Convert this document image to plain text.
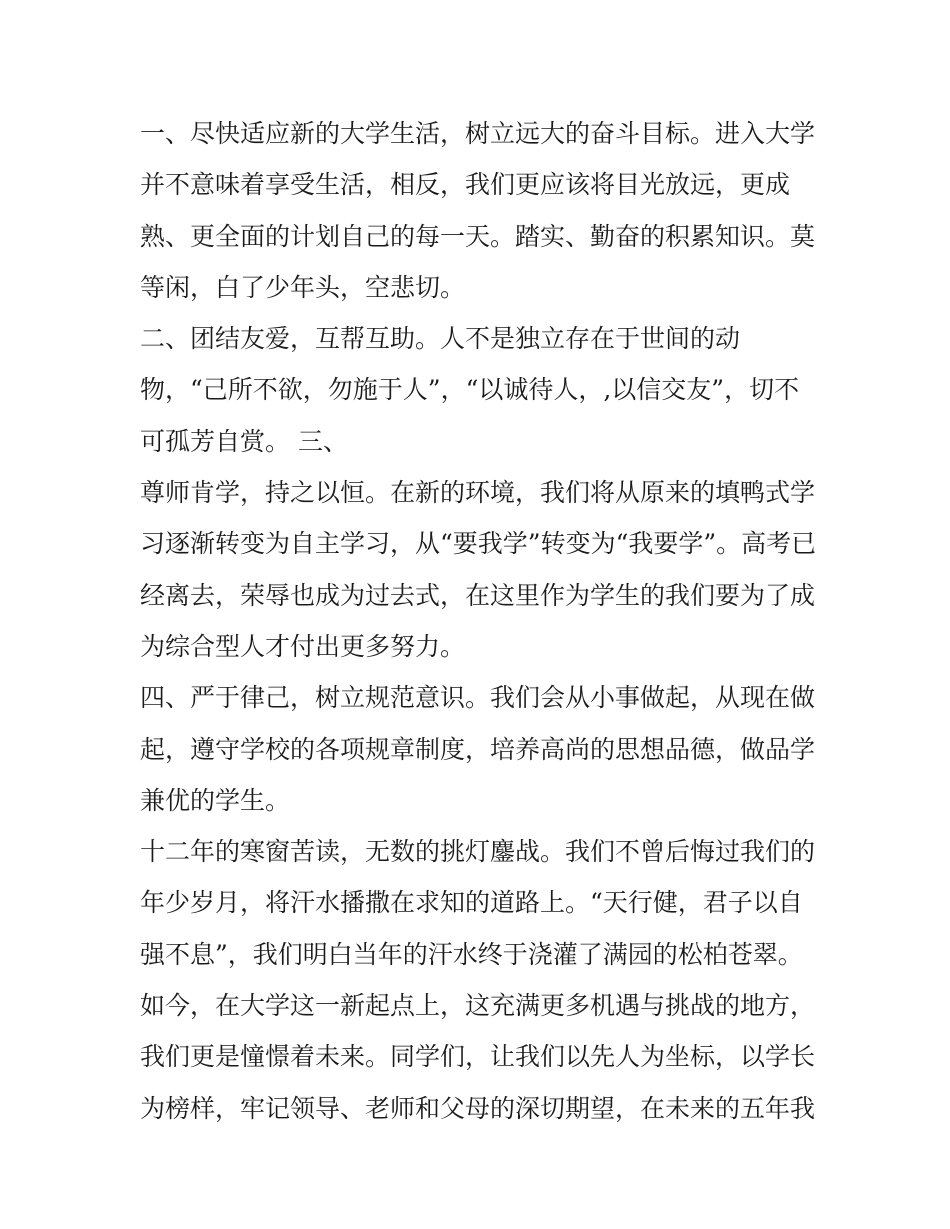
一、尽快适应新的大学生活，树立远大的奋斗目标。进入大学

并不意味着享受生活，相反，我们更应该将目光放远，更成

熟、更全面的计划自己的每一天。踏实、勤奋的积累知识。莫

等闲，白了少年头，空悲切。

二、团结友爱，互帮互助。人不是独立存在于世间的动

物，“己所不欲，勿施于人”，“以诚待人，,以信交友”，切不

可孤芳自赏。 三、

尊师肯学，持之以恒。在新的环境，我们将从原来的填鸭式学

习逐渐转变为自主学习，从“要我学”转变为“我要学”。高考已

经离去，荣辱也成为过去式，在这里作为学生的我们要为了成

为综合型人才付出更多努力。

四、严于律己，树立规范意识。我们会从小事做起，从现在做

起，遵守学校的各项规章制度，培养高尚的思想品德，做品学

兼优的学生。

十二年的寒窗苦读，无数的挑灯鏖战。我们不曾后悔过我们的

年少岁月，将汗水播撒在求知的道路上。“天行健，君子以自

强不息”，我们明白当年的汗水终于浇灌了满园的松柏苍翠。

如今，在大学这一新起点上，这充满更多机遇与挑战的地方，

我们更是憧憬着未来。同学们，让我们以先人为坐标，以学长

为榜样，牢记领导、老师和父母的深切期望，在未来的五年我
